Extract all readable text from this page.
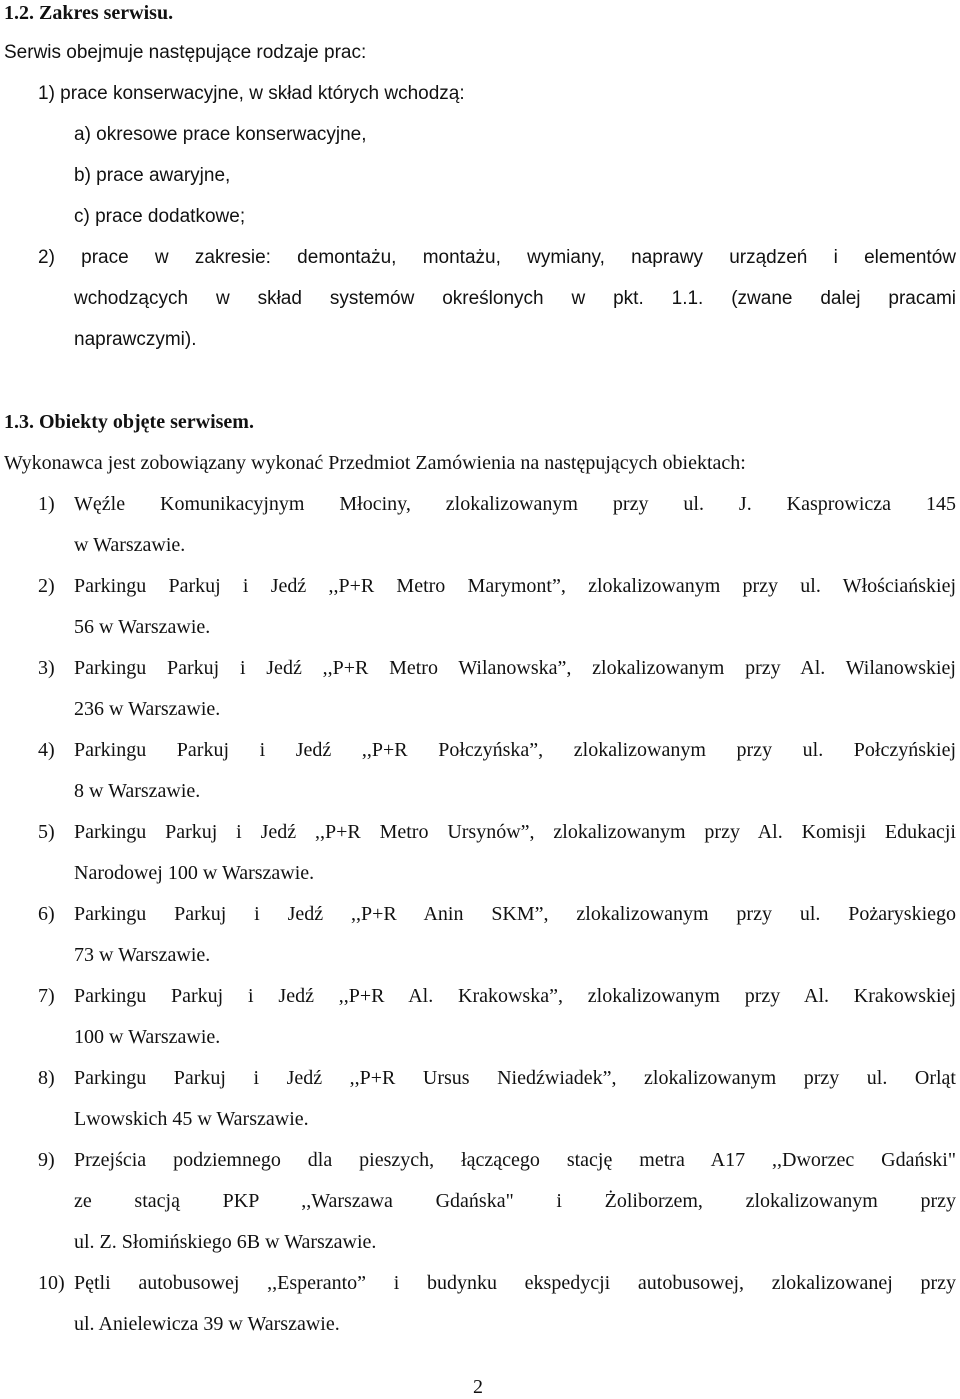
1.2. Zakres serwisu.
Serwis obejmuje następujące rodzaje prac:
1) prace konserwacyjne, w skład których wchodzą:
a) okresowe prace konserwacyjne,
b) prace awaryjne,
c) prace dodatkowe;
2) prace w zakresie: demontażu, montażu, wymiany, naprawy urządzeń i elementów
wchodzących w skład systemów określonych w pkt. 1.1. (zwane dalej pracami
naprawczymi).
1.3. Obiekty objęte serwisem.
Wykonawca jest zobowiązany wykonać Przedmiot Zamówienia na następujących obiektach:
1) Węźle Komunikacyjnym Młociny, zlokalizowanym przy ul. J. Kasprowicza 145
w Warszawie.
2) Parkingu Parkuj i Jedź ,,P+R Metro Marymont”, zlokalizowanym przy ul. Włościańskiej
56 w Warszawie.
3) Parkingu Parkuj i Jedź ,,P+R Metro Wilanowska”, zlokalizowanym przy Al. Wilanowskiej
236 w Warszawie.
4) Parkingu Parkuj i Jedź ,,P+R Połczyńska”, zlokalizowanym przy ul. Połczyńskiej
8 w Warszawie.
5) Parkingu Parkuj i Jedź ,,P+R Metro Ursynów”, zlokalizowanym przy Al. Komisji Edukacji
Narodowej 100 w Warszawie.
6) Parkingu Parkuj i Jedź ,,P+R Anin SKM”, zlokalizowanym przy ul. Pożaryskiego
73 w Warszawie.
7) Parkingu Parkuj i Jedź ,,P+R Al. Krakowska”, zlokalizowanym przy Al. Krakowskiej
100 w Warszawie.
8) Parkingu Parkuj i Jedź ,,P+R Ursus Niedźwiadek”, zlokalizowanym przy ul. Orląt
Lwowskich 45 w Warszawie.
9) Przejścia podziemnego dla pieszych, łączącego stację metra A17 ,,Dworzec Gdański"
ze stacją PKP ,,Warszawa Gdańska" i Żoliborzem, zlokalizowanym przy
ul. Z. Słomińskiego 6B w Warszawie.
10) Pętli autobusowej ,,Esperanto” i budynku ekspedycji autobusowej, zlokalizowanej przy
ul. Anielewicza 39 w Warszawie.
2
